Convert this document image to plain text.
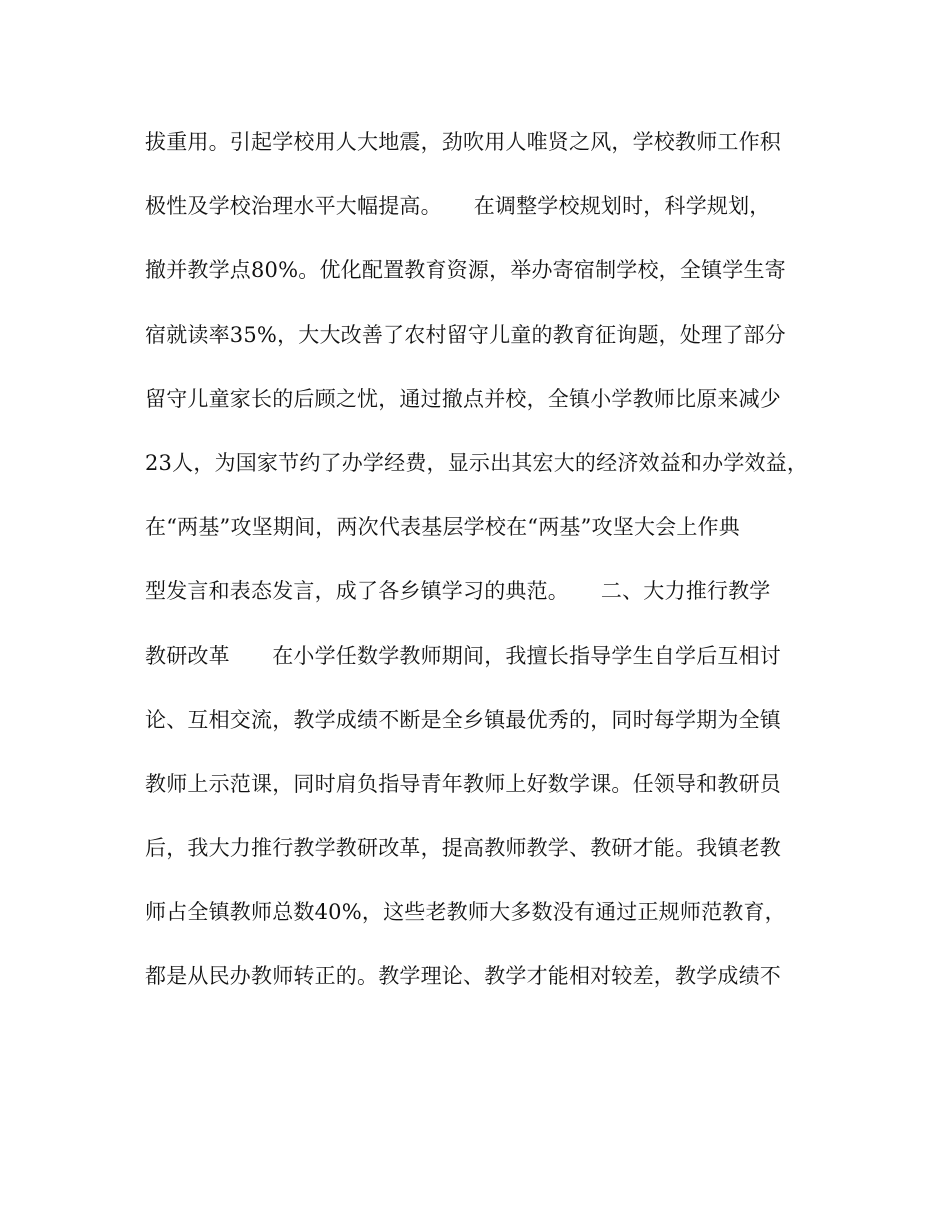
拔重用。引起学校用人大地震，劲吹用人唯贤之风，学校教师工作积
极性及学校治理水平大幅提高。　　在调整学校规划时，科学规划，
撤并教学点80%。优化配置教育资源，举办寄宿制学校，全镇学生寄
宿就读率35%，大大改善了农村留守儿童的教育征询题，处理了部分
留守儿童家长的后顾之忧，通过撤点并校，全镇小学教师比原来减少
23人，为国家节约了办学经费，显示出其宏大的经济效益和办学效益，
在“两基”攻坚期间，两次代表基层学校在“两基”攻坚大会上作典
型发言和表态发言，成了各乡镇学习的典范。　　二、大力推行教学
教研改革　　在小学任数学教师期间，我擅长指导学生自学后互相讨
论、互相交流，教学成绩不断是全乡镇最优秀的，同时每学期为全镇
教师上示范课，同时肩负指导青年教师上好数学课。任领导和教研员
后，我大力推行教学教研改革，提高教师教学、教研才能。我镇老教
师占全镇教师总数40%，这些老教师大多数没有通过正规师范教育，
都是从民办教师转正的。教学理论、教学才能相对较差，教学成绩不
